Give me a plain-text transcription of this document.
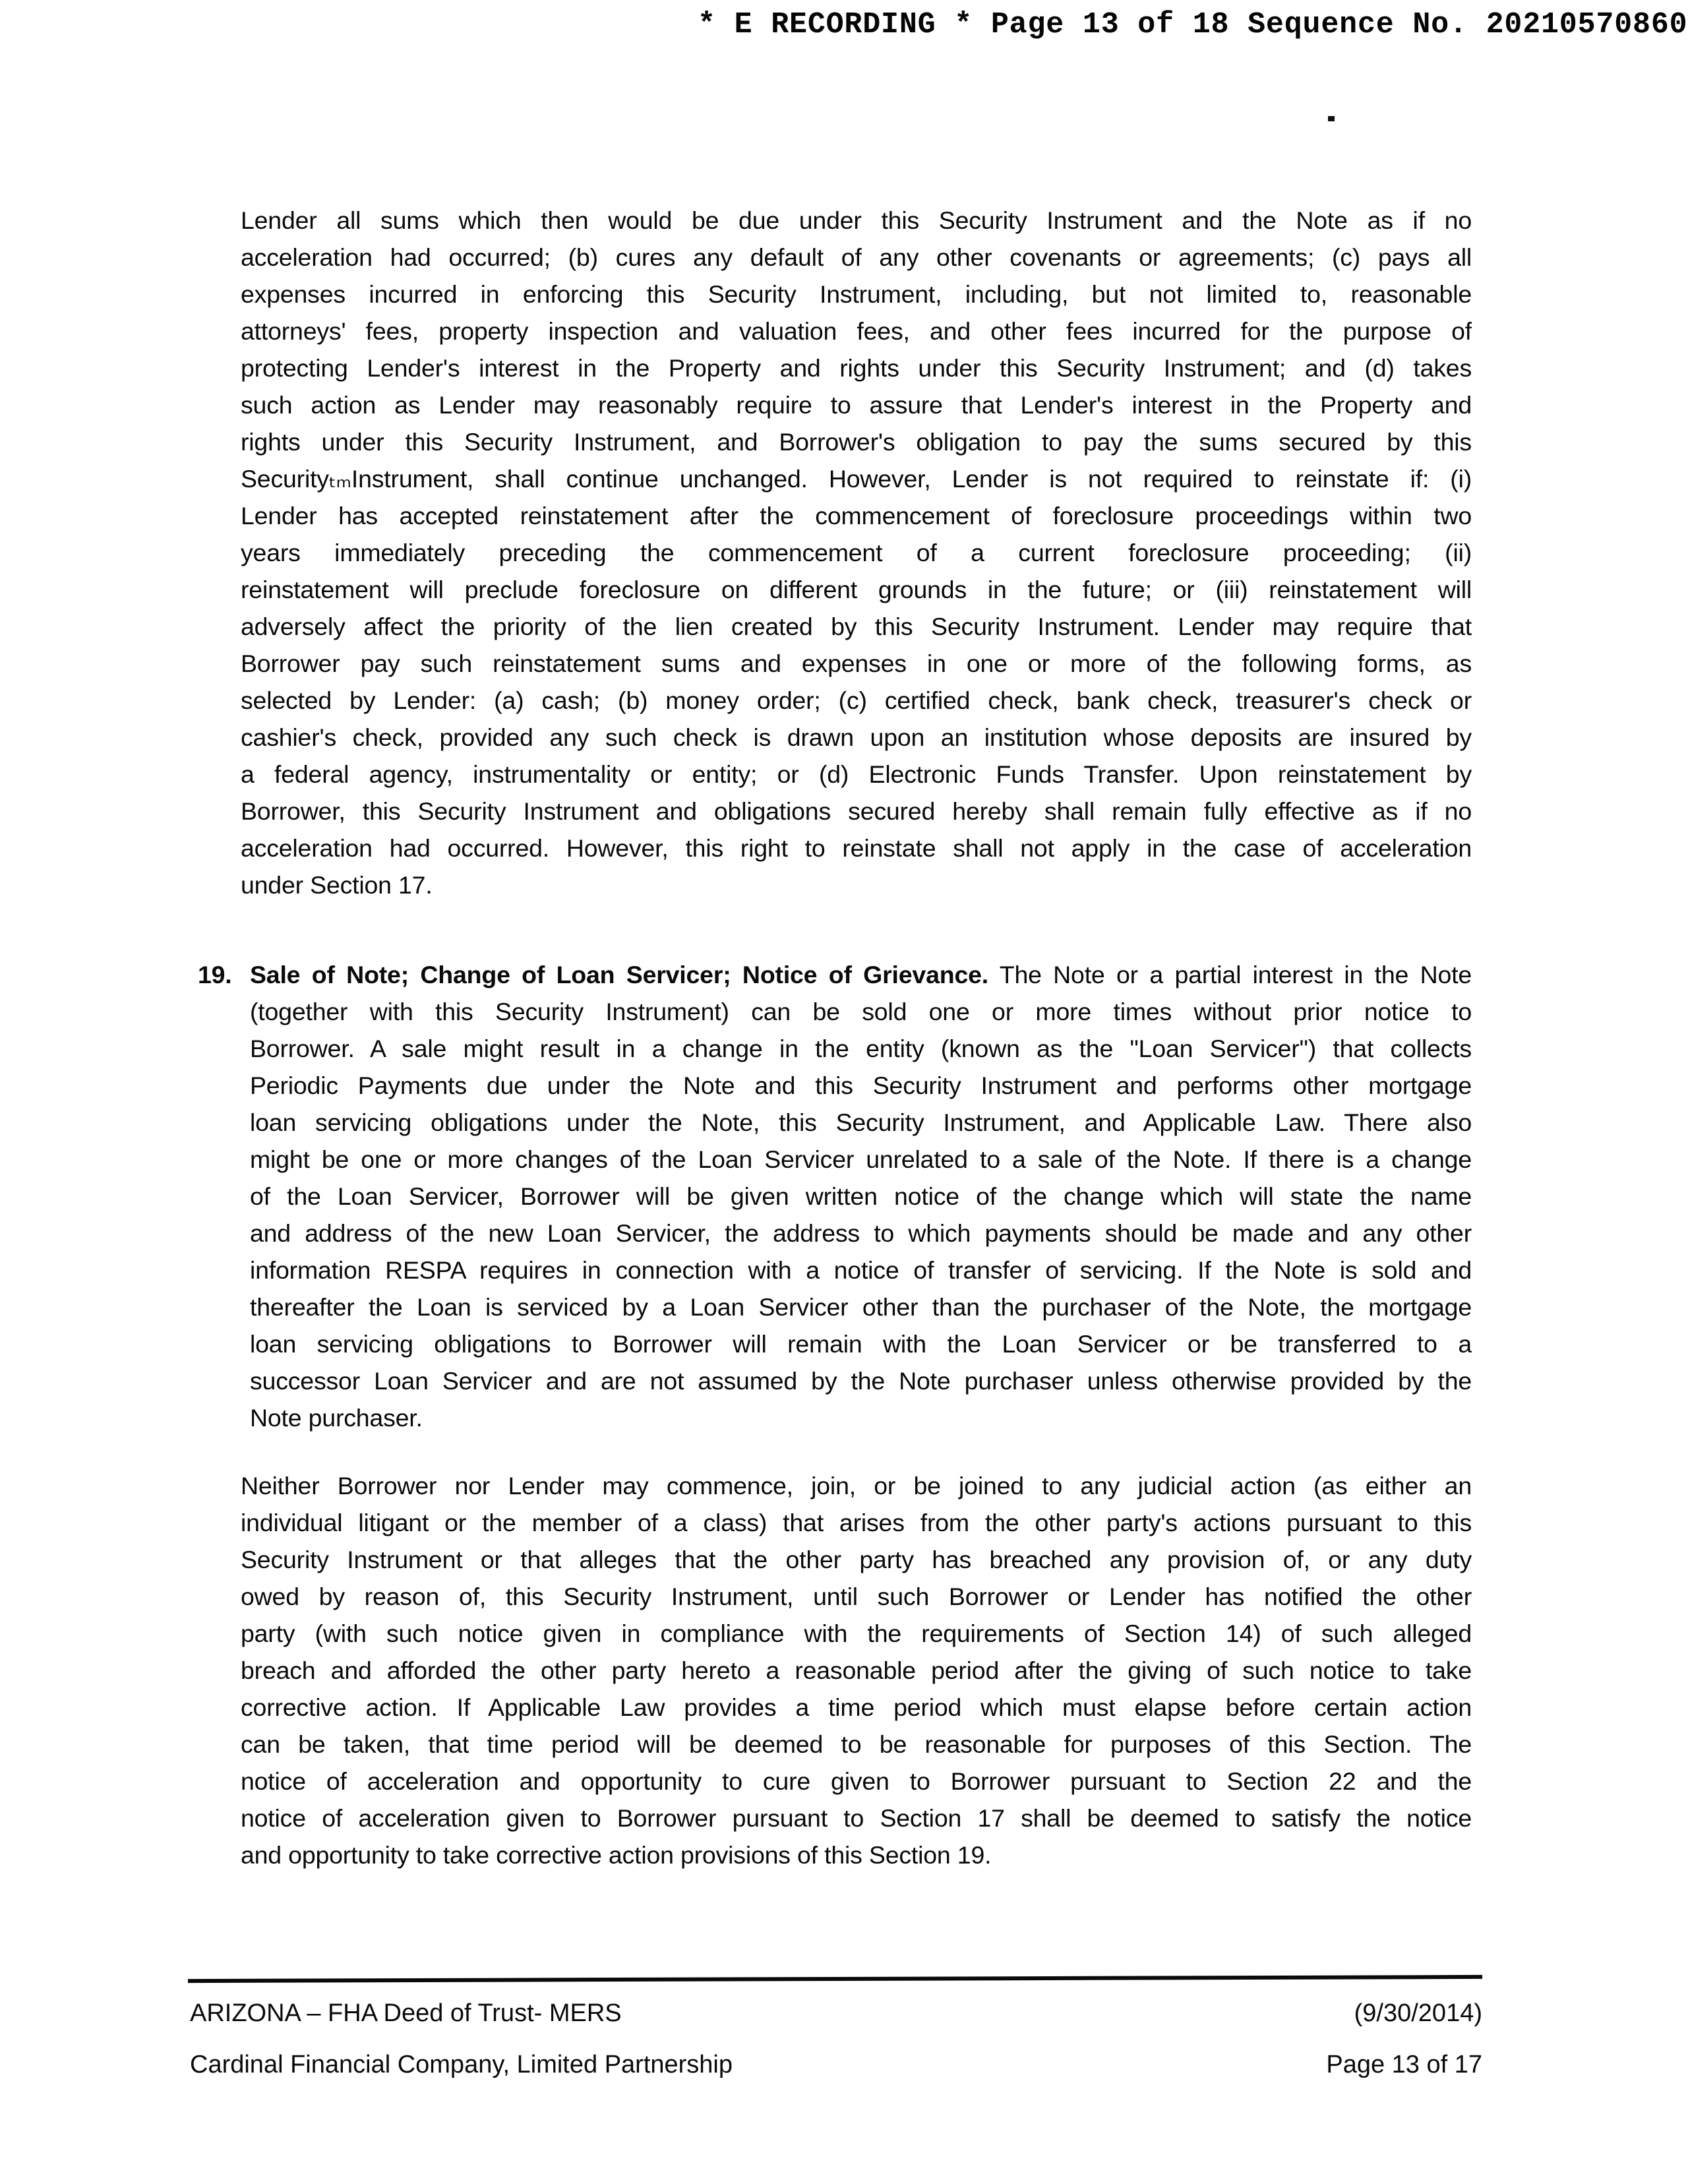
* E RECORDING * Page 13 of 18 Sequence No. 20210570860
Lender all sums which then would be due under this Security Instrument and the Note as if no
acceleration had occurred; (b) cures any default of any other covenants or agreements; (c) pays all
expenses incurred in enforcing this Security Instrument, including, but not limited to, reasonable
attorneys' fees, property inspection and valuation fees, and other fees incurred for the purpose of
protecting Lender's interest in the Property and rights under this Security Instrument; and (d) takes
such action as Lender may reasonably require to assure that Lender's interest in the Property and
rights under this Security Instrument, and Borrower's obligation to pay the sums secured by this
Securityₜₘ​Instrument, shall continue unchanged. However, Lender is not required to reinstate if: (i)
Lender has accepted reinstatement after the commencement of foreclosure proceedings within two
years immediately preceding the commencement of a current foreclosure proceeding; (ii)
reinstatement will preclude foreclosure on different grounds in the future; or (iii) reinstatement will
adversely affect the priority of the lien created by this Security Instrument. Lender may require that
Borrower pay such reinstatement sums and expenses in one or more of the following forms, as
selected by Lender: (a) cash; (b) money order; (c) certified check, bank check, treasurer's check or
cashier's check, provided any such check is drawn upon an institution whose deposits are insured by
a federal agency, instrumentality or entity; or (d) Electronic Funds Transfer. Upon reinstatement by
Borrower, this Security Instrument and obligations secured hereby shall remain fully effective as if no
acceleration had occurred. However, this right to reinstate shall not apply in the case of acceleration
under Section 17.
19. Sale of Note; Change of Loan Servicer; Notice of Grievance. The Note or a partial interest in the Note
(together with this Security Instrument) can be sold one or more times without prior notice to
Borrower. A sale might result in a change in the entity (known as the "Loan Servicer") that collects
Periodic Payments due under the Note and this Security Instrument and performs other mortgage
loan servicing obligations under the Note, this Security Instrument, and Applicable Law. There also
might be one or more changes of the Loan Servicer unrelated to a sale of the Note. If there is a change
of the Loan Servicer, Borrower will be given written notice of the change which will state the name
and address of the new Loan Servicer, the address to which payments should be made and any other
information RESPA requires in connection with a notice of transfer of servicing. If the Note is sold and
thereafter the Loan is serviced by a Loan Servicer other than the purchaser of the Note, the mortgage
loan servicing obligations to Borrower will remain with the Loan Servicer or be transferred to a
successor Loan Servicer and are not assumed by the Note purchaser unless otherwise provided by the
Note purchaser.
Neither Borrower nor Lender may commence, join, or be joined to any judicial action (as either an
individual litigant or the member of a class) that arises from the other party's actions pursuant to this
Security Instrument or that alleges that the other party has breached any provision of, or any duty
owed by reason of, this Security Instrument, until such Borrower or Lender has notified the other
party (with such notice given in compliance with the requirements of Section 14) of such alleged
breach and afforded the other party hereto a reasonable period after the giving of such notice to take
corrective action. If Applicable Law provides a time period which must elapse before certain action
can be taken, that time period will be deemed to be reasonable for purposes of this Section. The
notice of acceleration and opportunity to cure given to Borrower pursuant to Section 22 and the
notice of acceleration given to Borrower pursuant to Section 17 shall be deemed to satisfy the notice
and opportunity to take corrective action provisions of this Section 19.
ARIZONA – FHA Deed of Trust- MERS	(9/30/2014)
Cardinal Financial Company, Limited Partnership	Page 13 of 17
